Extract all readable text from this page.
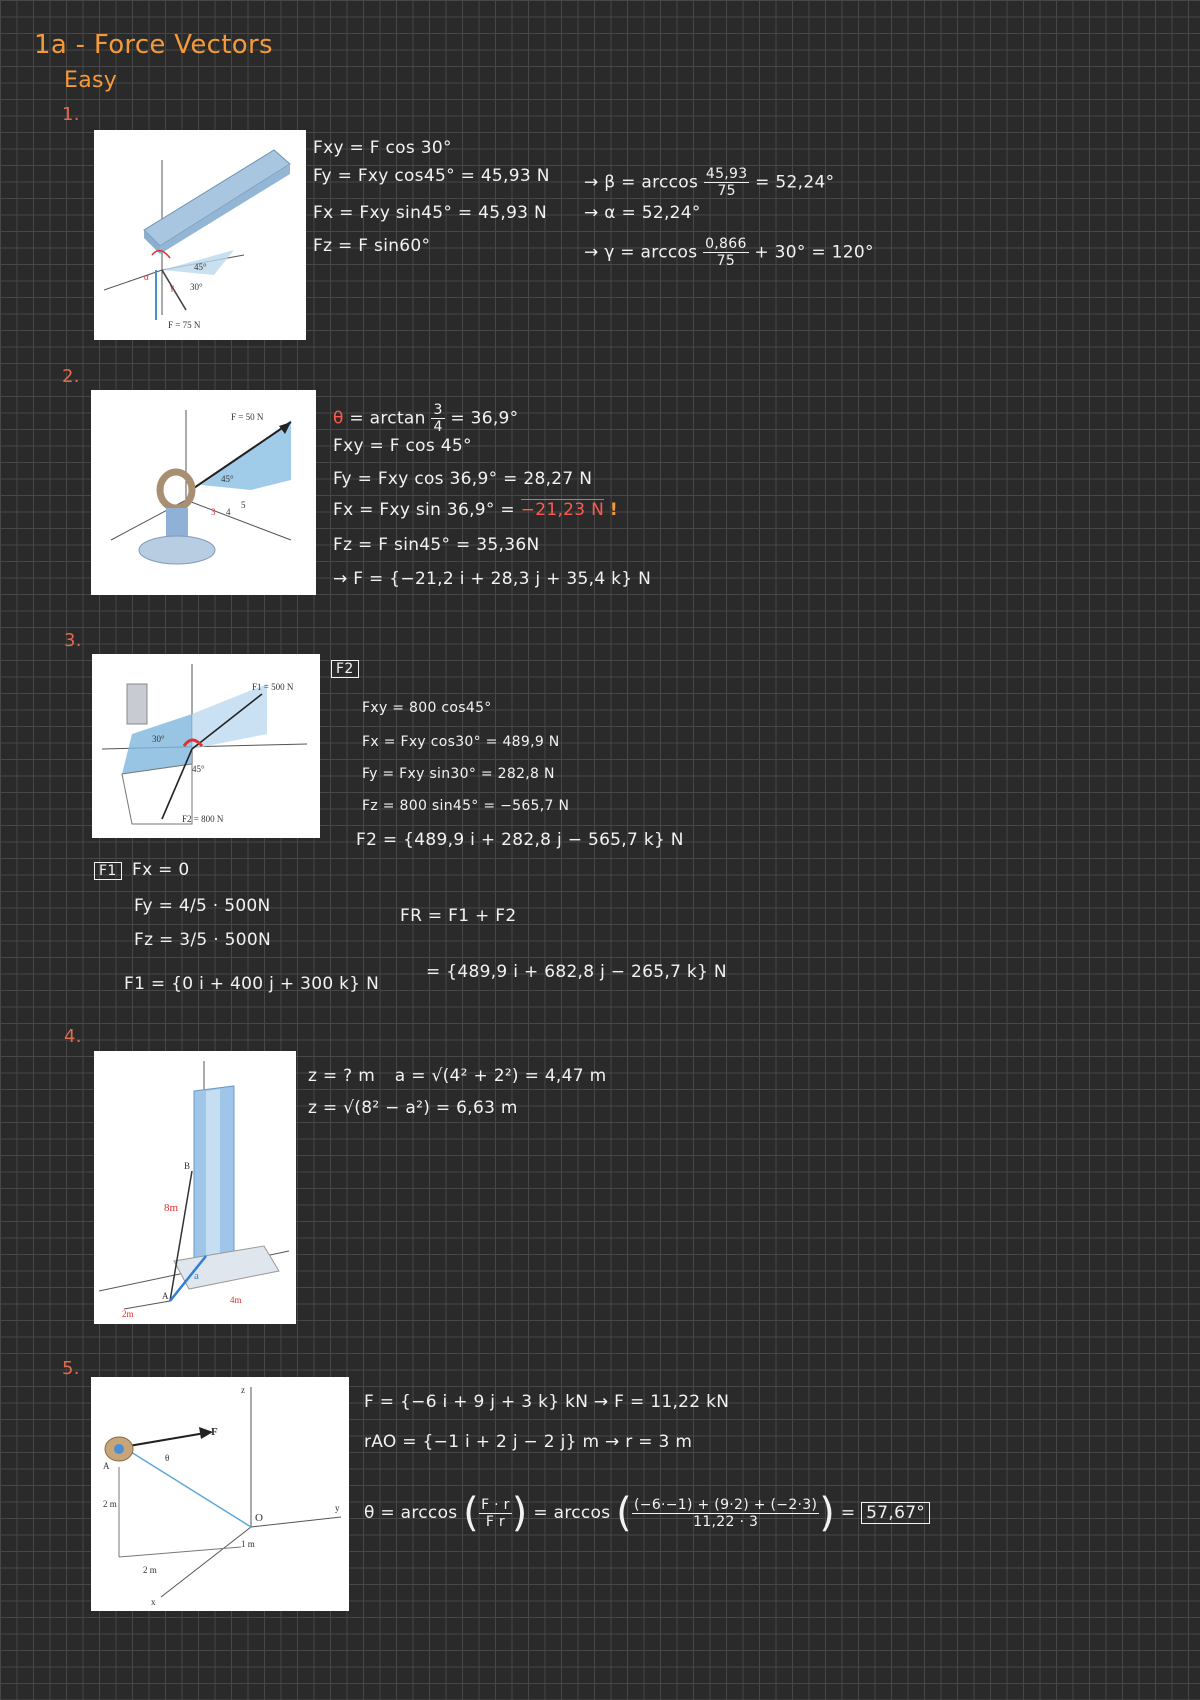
1a - Force Vectors
Easy
1.
F = 75 N
45°
30°
α
γ
Fxy = F cos 30°
Fy = Fxy cos45° = 45,93 N
Fx = Fxy sin45° = 45,93 N
Fz = F sin60°
→ $\beta = \arccos \frac{45,93}{75} = 52,24^\circ$
→ α = 52,24°
→ $\gamma = \arccos \frac{0,866}{75} + 30^\circ = 120^\circ$
2.
F = 50 N
45°
5
3 4
$\theta = \arctan \frac{3}{4} = 36,9^\circ$
Fxy = F cos 45°
Fy = Fxy cos 36,9° = 28,27 N
Fx = Fxy sin 36,9° = −21,23 N !
Fz = F sin45° = 35,36N
→ F = {−21,2 i + 28,3 j + 35,4 k} N
3.
F1 = 500 N
F2 = 800 N
30°
45°
F2
Fxy = 800 cos45°
Fx = Fxy cos30° = 489,9 N
Fy = Fxy sin30° = 282,8 N
Fz = 800 sin45° = −565,7 N
F2 = {489,9 i + 282,8 j − 565,7 k} N
F1 Fx = 0
Fy = 4/5 · 500N
Fz = 3/5 · 500N
F1 = {0 i + 400 j + 300 k} N
FR = F1 + F2
= {489,9 i + 682,8 j − 265,7 k} N
4.
8m
a
2m
4m
A
B
z = ? m a = √(4² + 2²) = 4,47 m
z = √(8² − a²) = 6,63 m
5.
F
θ
A
O
2 m
2 m
1 m
x
y
z
F = {−6 i + 9 j + 3 k} kN → F = 11,22 kN
rAO = {−1 i + 2 j − 2 j} m → r = 3 m
θ = arccos ( $\frac{F \cdot r}{\text{F r}}$ ) = arccos ( $\frac{(-6\cdot-1) + (9\cdot 2) + (-2\cdot 3)}{11,22 \cdot 3}$ ) = 57,67°
